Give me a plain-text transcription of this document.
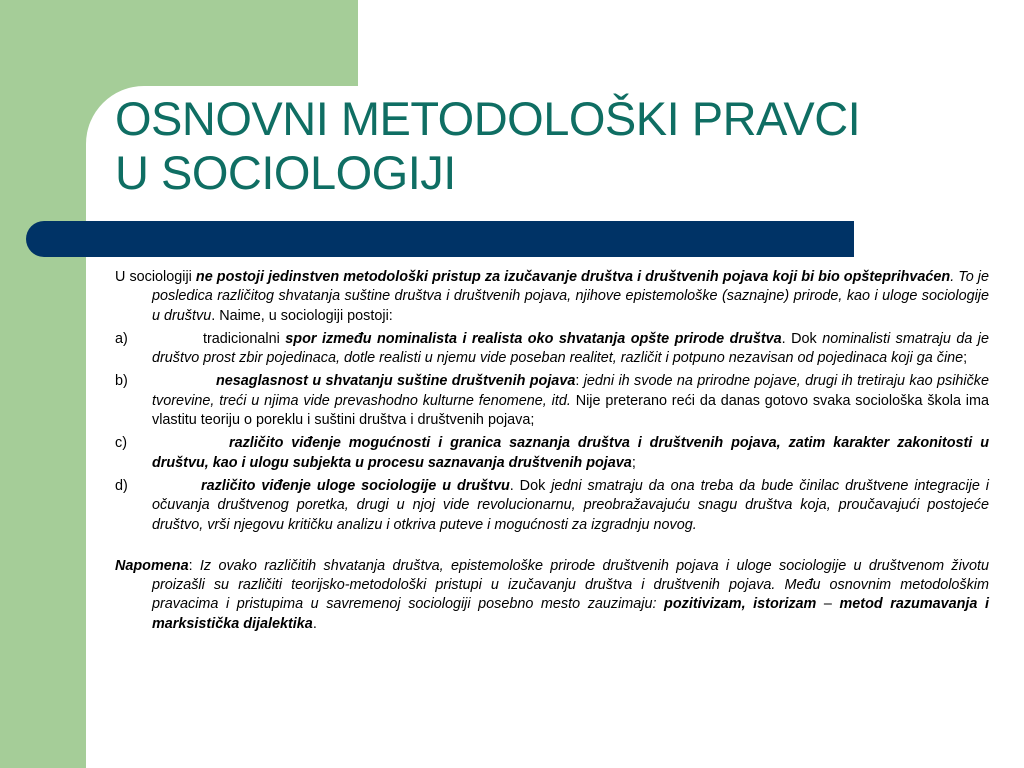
OSNOVNI METODOLOŠKI PRAVCI
U SOCIOLOGIJI

U sociologiji ne postoji jedinstven metodološki pristup za izučavanje društva i društvenih pojava koji bi bio opšteprihvaćen. To je posledica različitog shvatanja suštine društva i društvenih pojava, njihove epistemološke (saznajne) prirode, kao i uloge sociologije u društvu. Naime, u sociologiji postoji:

a)	tradicionalni spor između nominalista i realista oko shvatanja opšte prirode društva. Dok nominalisti smatraju da je društvo prost zbir pojedinaca, dotle realisti u njemu vide poseban realitet, različit i potpuno nezavisan od pojedinaca koji ga čine;

b)	nesaglasnost u shvatanju suštine društvenih pojava: jedni ih svode na prirodne pojave, drugi ih tretiraju kao psihičke tvorevine, treći u njima vide prevashodno kulturne fenomene, itd. Nije preterano reći da danas gotovo svaka sociološka škola ima vlastitu teoriju o poreklu i suštini društva i društvenih pojava;

c)	različito viđenje mogućnosti i granica saznanja društva i društvenih pojava, zatim karakter zakonitosti u društvu, kao i ulogu subjekta u procesu saznavanja društvenih pojava;

d)	različito viđenje uloge sociologije u društvu. Dok jedni smatraju da ona treba da bude činilac društvene integracije i očuvanja društvenog poretka, drugi u njoj vide revolucionarnu, preobražavajuću snagu društva koja, proučavajući postojeće društvo, vrši njegovu kritičku analizu i otkriva puteve i mogućnosti za izgradnju novog.

Napomena: Iz ovako različitih shvatanja društva, epistemološke prirode društvenih pojava i uloge sociologije u društvenom životu proizašli su različiti teorijsko-metodološki pristupi u izučavanju društva i društvenih pojava. Među osnovnim metodološkim pravacima i pristupima u savremenoj sociologiji posebno mesto zauzimaju: pozitivizam, istorizam – metod razumavanja i marksistička dijalektika.
